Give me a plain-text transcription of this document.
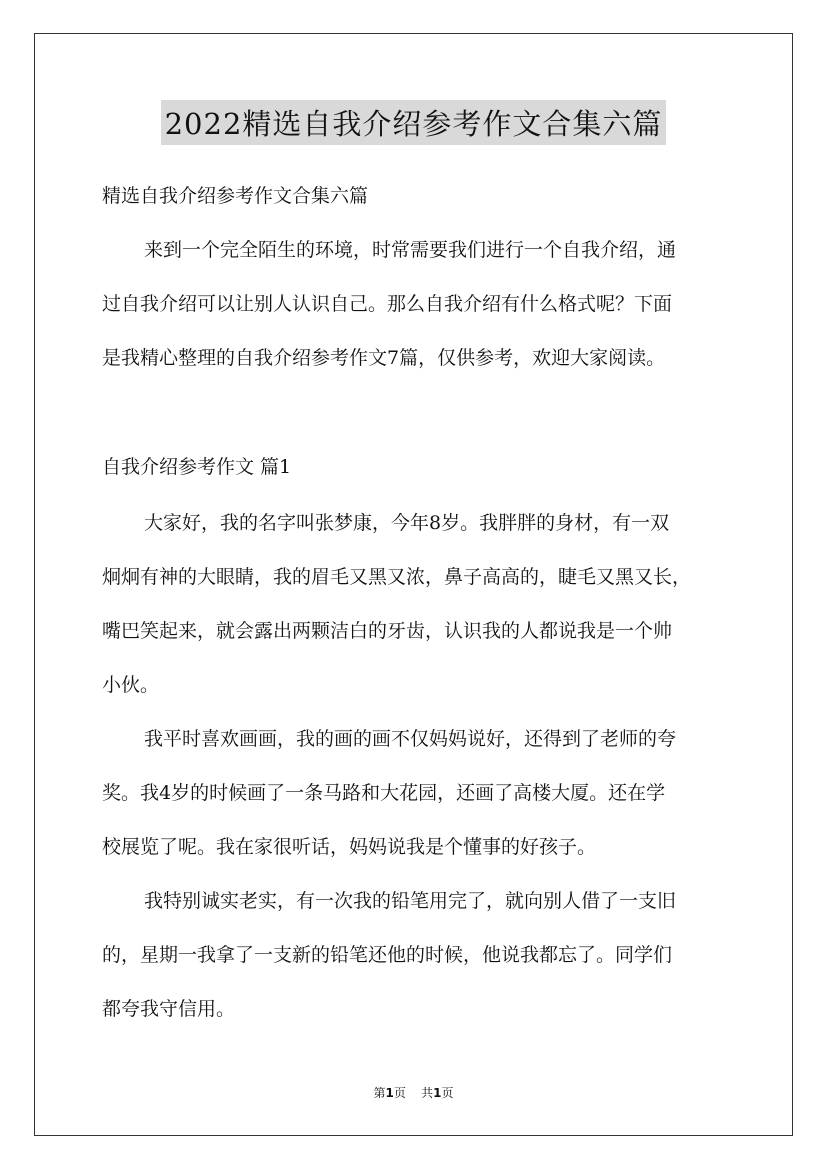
2022精选自我介绍参考作文合集六篇
精选自我介绍参考作文合集六篇
来到一个完全陌生的环境，时常需要我们进行一个自我介绍，通
过自我介绍可以让别人认识自己。那么自我介绍有什么格式呢？下面
是我精心整理的自我介绍参考作文7篇，仅供参考，欢迎大家阅读。
自我介绍参考作文 篇1
大家好，我的名字叫张梦康，今年8岁。我胖胖的身材，有一双
炯炯有神的大眼睛，我的眉毛又黑又浓，鼻子高高的，睫毛又黑又长，
嘴巴笑起来，就会露出两颗洁白的牙齿，认识我的人都说我是一个帅
小伙。
我平时喜欢画画，我的画的画不仅妈妈说好，还得到了老师的夸
奖。我4岁的时候画了一条马路和大花园，还画了高楼大厦。还在学
校展览了呢。我在家很听话，妈妈说我是个懂事的好孩子。
我特别诚实老实，有一次我的铅笔用完了，就向别人借了一支旧
的，星期一我拿了一支新的铅笔还他的时候，他说我都忘了。同学们
都夸我守信用。
第1页 共1页
